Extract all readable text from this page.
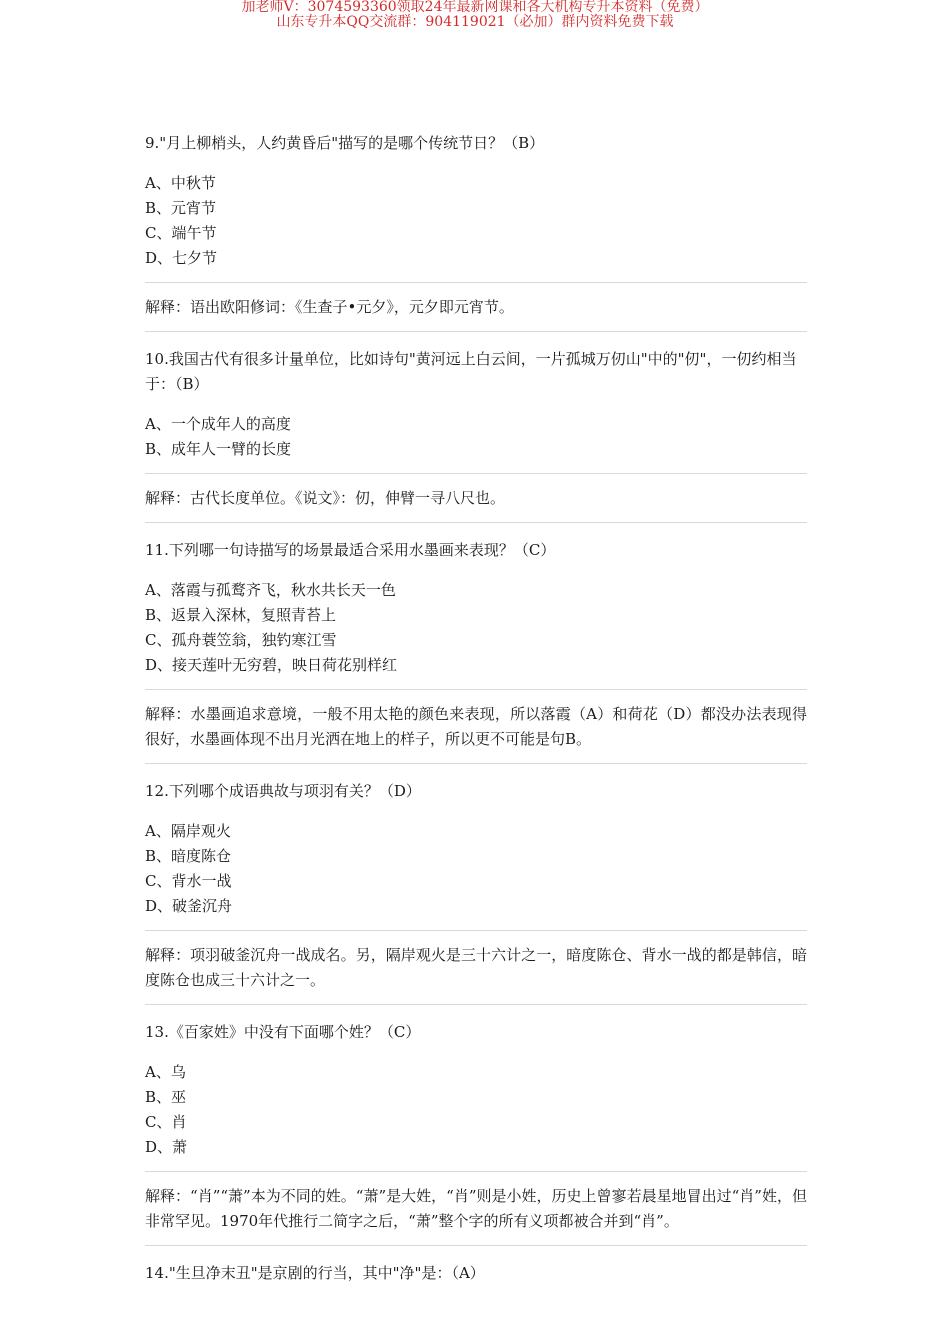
加老师V：3074593360领取24年最新网课和各大机构专升本资料（免费）
山东专升本QQ交流群：904119021（必加）群内资料免费下载

9."月上柳梢头，人约黄昏后"描写的是哪个传统节日？（B）

A、中秋节

B、元宵节

C、端午节

D、七夕节

解释：语出欧阳修词：《生查子•元夕》，元夕即元宵节。

10.我国古代有很多计量单位，比如诗句"黄河远上白云间，一片孤城万仞山"中的"仞"，一仞约相当于：（B）

A、一个成年人的高度

B、成年人一臂的长度

解释：古代长度单位。《说文》：仞，伸臂一寻八尺也。

11.下列哪一句诗描写的场景最适合采用水墨画来表现？（C）

A、落霞与孤鹜齐飞，秋水共长天一色

B、返景入深林，复照青苔上

C、孤舟蓑笠翁，独钓寒江雪

D、接天莲叶无穷碧，映日荷花别样红

解释：水墨画追求意境，一般不用太艳的颜色来表现，所以落霞（A）和荷花（D）都没办法表现得很好，水墨画体现不出月光洒在地上的样子，所以更不可能是句B。

12.下列哪个成语典故与项羽有关？（D）

A、隔岸观火

B、暗度陈仓

C、背水一战

D、破釜沉舟

解释：项羽破釜沉舟一战成名。另，隔岸观火是三十六计之一，暗度陈仓、背水一战的都是韩信，暗度陈仓也成三十六计之一。

13.《百家姓》中没有下面哪个姓？（C）

A、乌

B、巫

C、肖

D、萧

解释：“肖”“萧”本为不同的姓。“萧”是大姓，“肖”则是小姓，历史上曾寥若晨星地冒出过“肖”姓，但非常罕见。1970年代推行二简字之后，“萧”整个字的所有义项都被合并到“肖”。

14."生旦净末丑"是京剧的行当，其中"净"是：（A）
